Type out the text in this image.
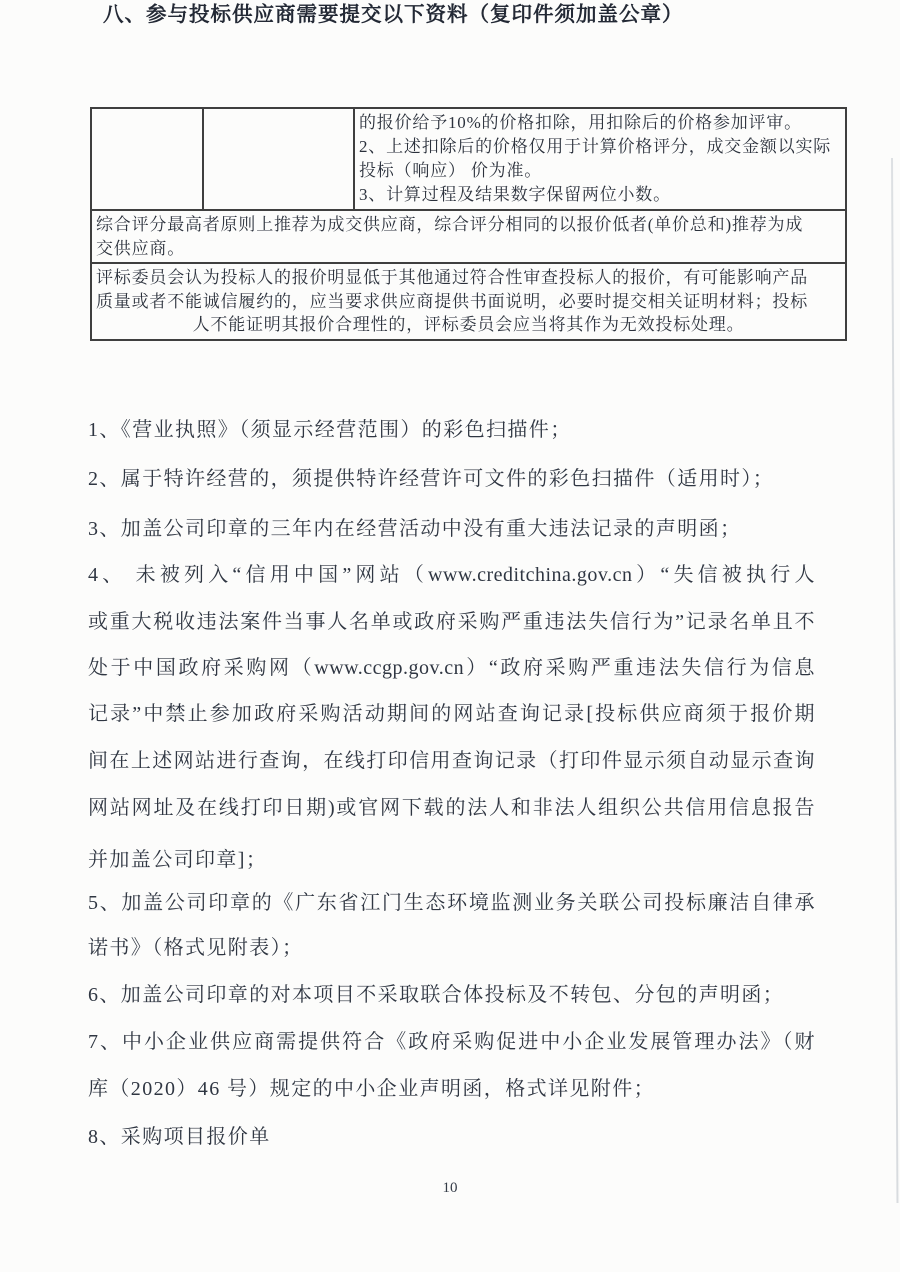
的报价给予10%的价格扣除，用扣除后的价格参加评审。
2、上述扣除后的价格仅用于计算价格评分，成交金额以实际
投标（响应） 价为准。
3、计算过程及结果数字保留两位小数。

综合评分最高者原则上推荐为成交供应商，综合评分相同的以报价低者(单价总和)推荐为成
交供应商。

评标委员会认为投标人的报价明显低于其他通过符合性审查投标人的报价，有可能影响产品
质量或者不能诚信履约的，应当要求供应商提供书面说明，必要时提交相关证明材料；投标
人不能证明其报价合理性的，评标委员会应当将其作为无效投标处理。
八、参与投标供应商需要提交以下资料（复印件须加盖公章）
1、《营业执照》（须显示经营范围）的彩色扫描件；
2、属于特许经营的，须提供特许经营许可文件的彩色扫描件（适用时）；
3、加盖公司印章的三年内在经营活动中没有重大违法记录的声明函；
4、 未被列入“信用中国”网站（www.creditchina.gov.cn）“失信被执行人
或重大税收违法案件当事人名单或政府采购严重违法失信行为”记录名单且不
处于中国政府采购网（www.ccgp.gov.cn）“政府采购严重违法失信行为信息
记录”中禁止参加政府采购活动期间的网站查询记录[投标供应商须于报价期
间在上述网站进行查询，在线打印信用查询记录（打印件显示须自动显示查询
网站网址及在线打印日期)或官网下载的法人和非法人组织公共信用信息报告
并加盖公司印章]；
5、加盖公司印章的《广东省江门生态环境监测业务关联公司投标廉洁自律承
诺书》（格式见附表）；
6、加盖公司印章的对本项目不采取联合体投标及不转包、分包的声明函；
7、中小企业供应商需提供符合《政府采购促进中小企业发展管理办法》（财
库（2020）46 号）规定的中小企业声明函，格式详见附件；
8、采购项目报价单
10
